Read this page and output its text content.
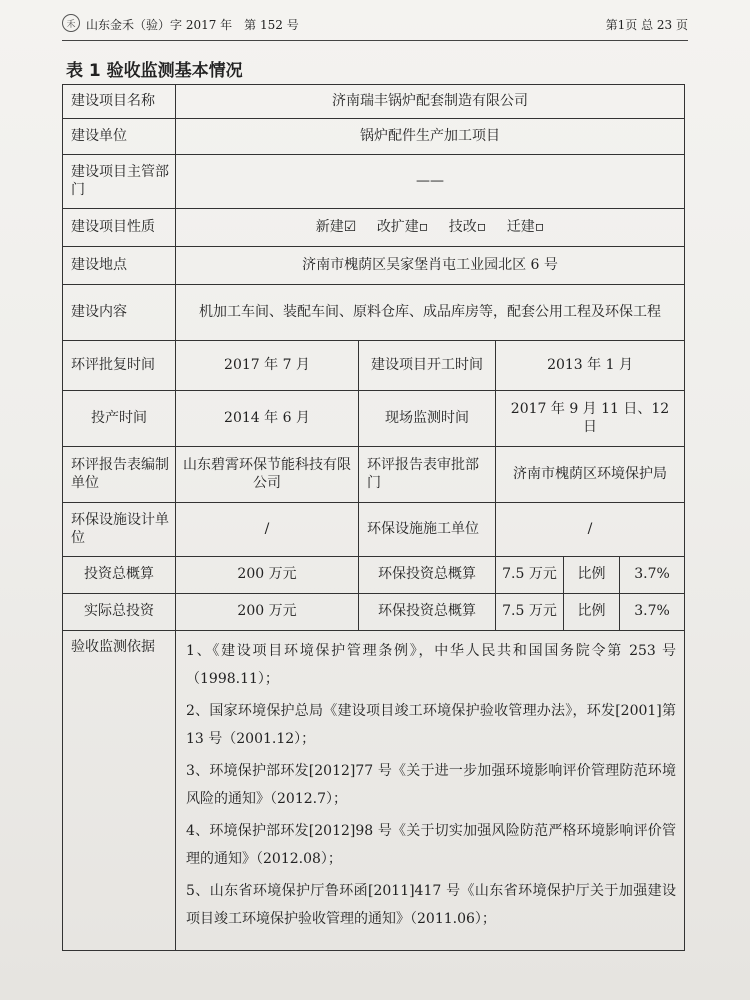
禾 山东金禾（验）字 2017 年　第 152 号	第1页 总 23 页
表 1 验收监测基本情况
建设项目名称	济南瑞丰锅炉配套制造有限公司				
建设单位	锅炉配件生产加工项目				
建设项目主管部门	——				
建设项目性质	新建☑ 改扩建▫ 技改▫ 迁建▫				
建设地点	济南市槐荫区吴家堡肖屯工业园北区 6 号				
建设内容	机加工车间、装配车间、原料仓库、成品库房等，配套公用工程及环保工程				
环评批复时间	2017 年 7 月	建设项目开工时间	2013 年 1 月		
投产时间	2014 年 6 月	现场监测时间	2017 年 9 月 11 日、12 日		
环评报告表编制单位	山东碧霄环保节能科技有限公司	环评报告表审批部门	济南市槐荫区环境保护局		
环保设施设计单位	/	环保设施施工单位	/		
投资总概算	200 万元	环保投资总概算	7.5 万元	比例	3.7%
实际总投资	200 万元	环保投资总概算	7.5 万元	比例	3.7%
验收监测依据	1、《建设项目环境保护管理条例》，中华人民共和国国务院令第 253 号（1998.11）；
2、国家环境保护总局《建设项目竣工环境保护验收管理办法》，环发[2001]第 13 号（2001.12）；
3、环境保护部环发[2012]77 号《关于进一步加强环境影响评价管理防范环境风险的通知》（2012.7）；
4、环境保护部环发[2012]98 号《关于切实加强风险防范严格环境影响评价管理的通知》（2012.08）；
5、山东省环境保护厅鲁环函[2011]417 号《山东省环境保护厅关于加强建设项目竣工环境保护验收管理的通知》（2011.06）；				
